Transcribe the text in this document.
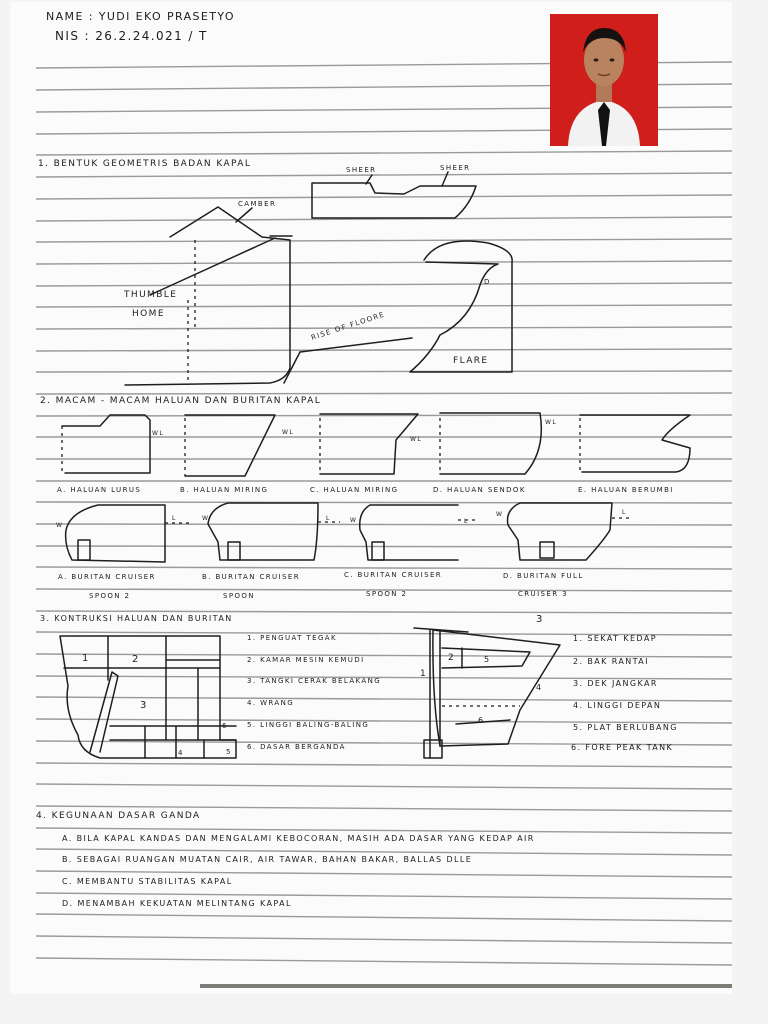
NAME : YUDI EKO PRASETYO
NIS : 26.2.24.021 / T
1. BENTUK GEOMETRIS BADAN KAPAL
SHEER	SHEER
CAMBER
THUMBLE
HOME	RISE OF FLOORE
D
FLARE
2. MACAM - MACAM HALUAN DAN BURITAN KAPAL
WL	WL
WL
WL
A. HALUAN LURUS	B. HALUAN MIRING	C. HALUAN MIRING	D. HALUAN SENDOK	E. HALUAN BERUMBI
W
L	W	L	W	L
W	L
A. BURITAN CRUISER	B. BURITAN CRUISER	C. BURITAN CRUISER	D. BURITAN FULL
SPOON 2	SPOON	SPOON 2	CRUISER 3
3. KONTRUKSI HALUAN DAN BURITAN
1	2
3
4	5
6
1. PENGUAT TEGAK
2. KAMAR MESIN KEMUDI
3. TANGKI CERAK BELAKANG
4. WRANG
5. LINGGI BALING-BALING
6. DASAR BERGANDA
3
1
2	5
4
6
1. SEKAT KEDAP
2. BAK RANTAI
3. DEK JANGKAR
4. LINGGI DEPAN
5. PLAT BERLUBANG
6. FORE PEAK TANK
4. KEGUNAAN DASAR GANDA
A. BILA KAPAL KANDAS DAN MENGALAMI KEBOCORAN, MASIH ADA DASAR YANG KEDAP AIR
B. SEBAGAI RUANGAN MUATAN CAIR, AIR TAWAR, BAHAN BAKAR, BALLAS DLLE
C. MEMBANTU STABILITAS KAPAL
D. MENAMBAH KEKUATAN MELINTANG KAPAL
